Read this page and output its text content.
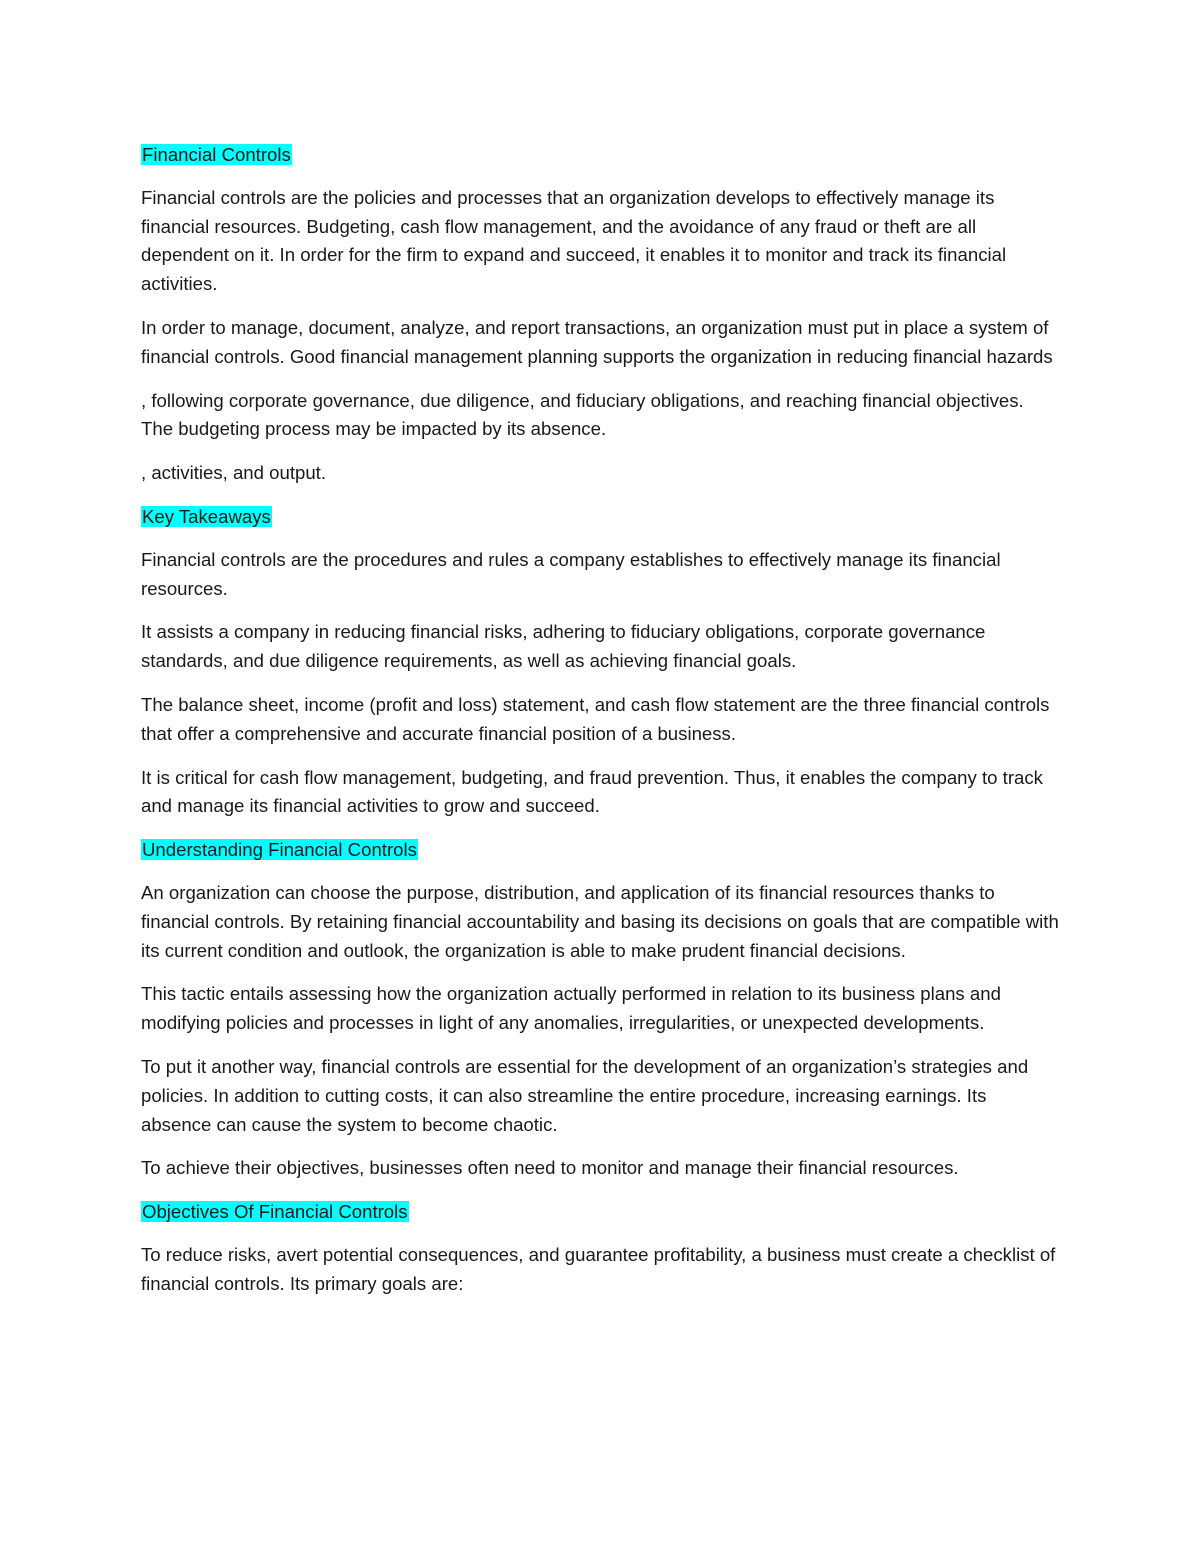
Financial Controls

Financial controls are the policies and processes that an organization develops to effectively manage its financial resources. Budgeting, cash flow management, and the avoidance of any fraud or theft are all dependent on it. In order for the firm to expand and succeed, it enables it to monitor and track its financial activities.

In order to manage, document, analyze, and report transactions, an organization must put in place a system of financial controls. Good financial management planning supports the organization in reducing financial hazards

, following corporate governance, due diligence, and fiduciary obligations, and reaching financial objectives. The budgeting process may be impacted by its absence.

, activities, and output.

Key Takeaways

Financial controls are the procedures and rules a company establishes to effectively manage its financial resources.

It assists a company in reducing financial risks, adhering to fiduciary obligations, corporate governance standards, and due diligence requirements, as well as achieving financial goals.

The balance sheet, income (profit and loss) statement, and cash flow statement are the three financial controls that offer a comprehensive and accurate financial position of a business.

It is critical for cash flow management, budgeting, and fraud prevention. Thus, it enables the company to track and manage its financial activities to grow and succeed.

Understanding Financial Controls

An organization can choose the purpose, distribution, and application of its financial resources thanks to financial controls. By retaining financial accountability and basing its decisions on goals that are compatible with its current condition and outlook, the organization is able to make prudent financial decisions.

This tactic entails assessing how the organization actually performed in relation to its business plans and modifying policies and processes in light of any anomalies, irregularities, or unexpected developments.

To put it another way, financial controls are essential for the development of an organization’s strategies and policies. In addition to cutting costs, it can also streamline the entire procedure, increasing earnings. Its absence can cause the system to become chaotic.

To achieve their objectives, businesses often need to monitor and manage their financial resources.

Objectives Of Financial Controls

To reduce risks, avert potential consequences, and guarantee profitability, a business must create a checklist of financial controls. Its primary goals are:
